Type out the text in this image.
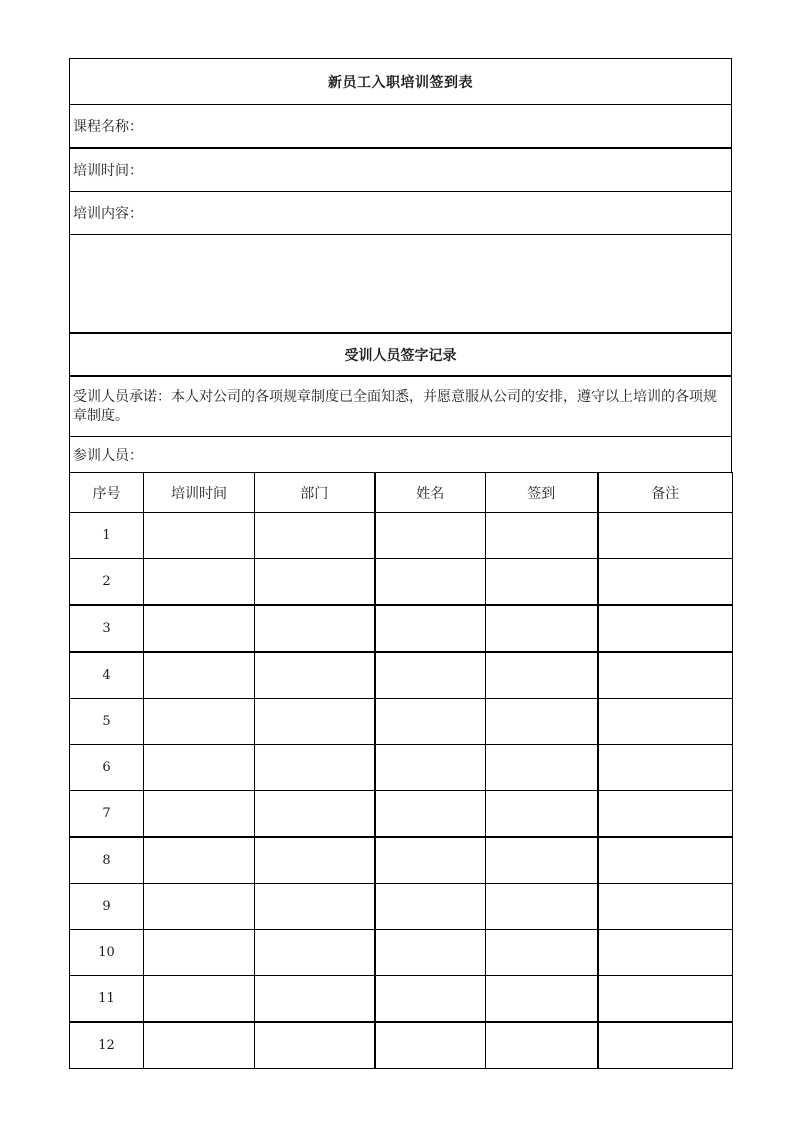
新员工入职培训签到表
课程名称：
培训时间：
培训内容：

受训人员签字记录
受训人员承诺：本人对公司的各项规章制度已全面知悉，并愿意服从公司的安排，遵守以上培训的各项规章制度。
参训人员：
序号	培训时间	部门	姓名	签到	备注
1					
2					
3					
4					
5					
6					
7					
8					
9					
10					
11					
12					
